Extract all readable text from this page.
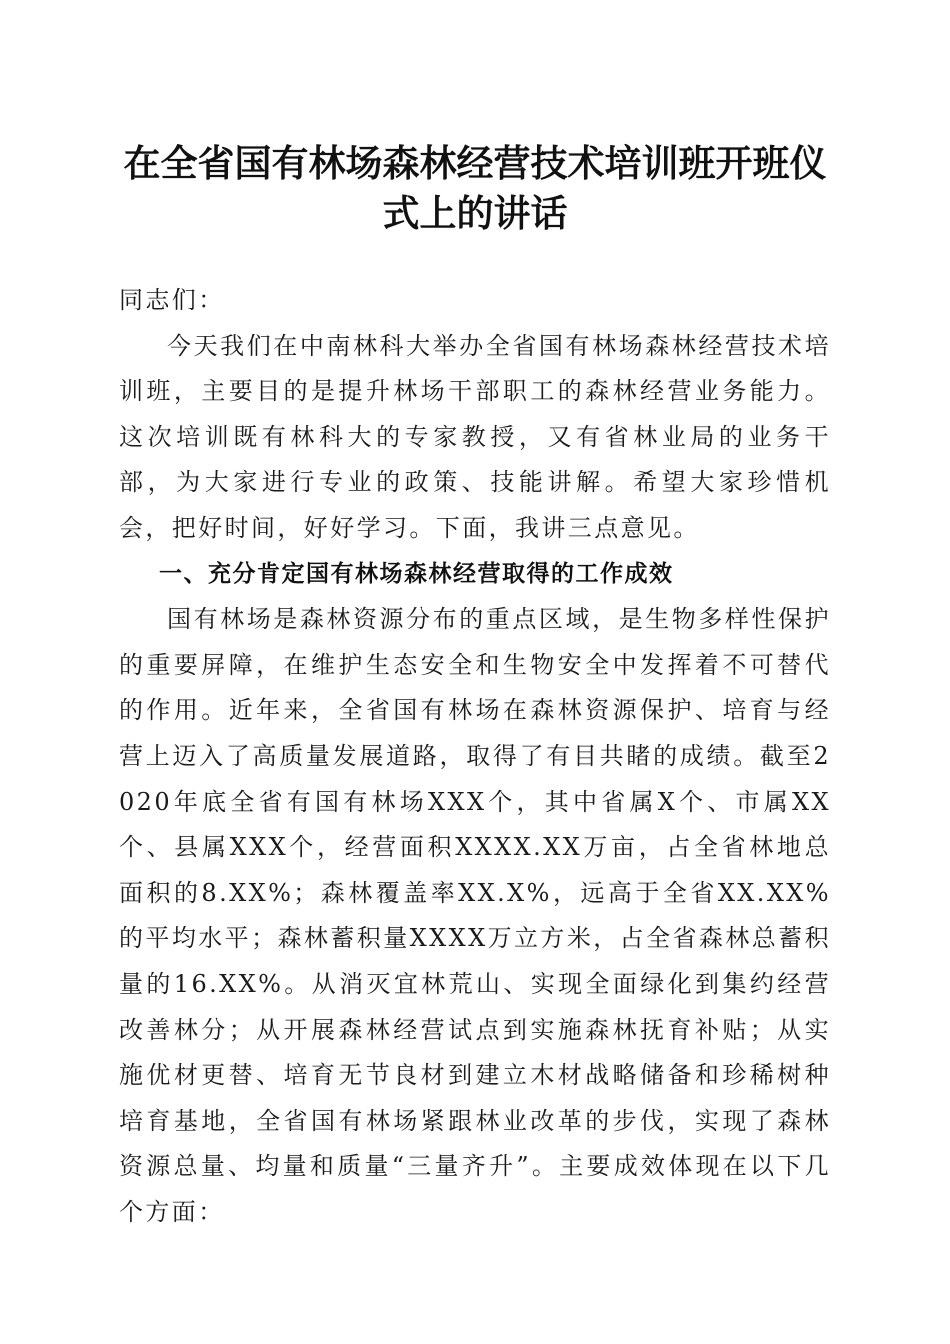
在全省国有林场森林经营技术培训班开班仪式上的讲话

同志们：

今天我们在中南林科大举办全省国有林场森林经营技术培训班，主要目的是提升林场干部职工的森林经营业务能力。这次培训既有林科大的专家教授，又有省林业局的业务干部，为大家进行专业的政策、技能讲解。希望大家珍惜机会，把好时间，好好学习。下面，我讲三点意见。

一、充分肯定国有林场森林经营取得的工作成效

国有林场是森林资源分布的重点区域，是生物多样性保护的重要屏障，在维护生态安全和生物安全中发挥着不可替代的作用。近年来，全省国有林场在森林资源保护、培育与经营上迈入了高质量发展道路，取得了有目共睹的成绩。截至2020年底全省有国有林场XXX个，其中省属X个、市属XX个、县属XXX个，经营面积XXXX.XX万亩，占全省林地总面积的8.XX%；森林覆盖率XX.X%，远高于全省XX.XX%的平均水平；森林蓄积量XXXX万立方米，占全省森林总蓄积量的16.XX%。从消灭宜林荒山、实现全面绿化到集约经营改善林分；从开展森林经营试点到实施森林抚育补贴；从实施优材更替、培育无节良材到建立木材战略储备和珍稀树种培育基地，全省国有林场紧跟林业改革的步伐，实现了森林资源总量、均量和质量“三量齐升”。主要成效体现在以下几个方面：
